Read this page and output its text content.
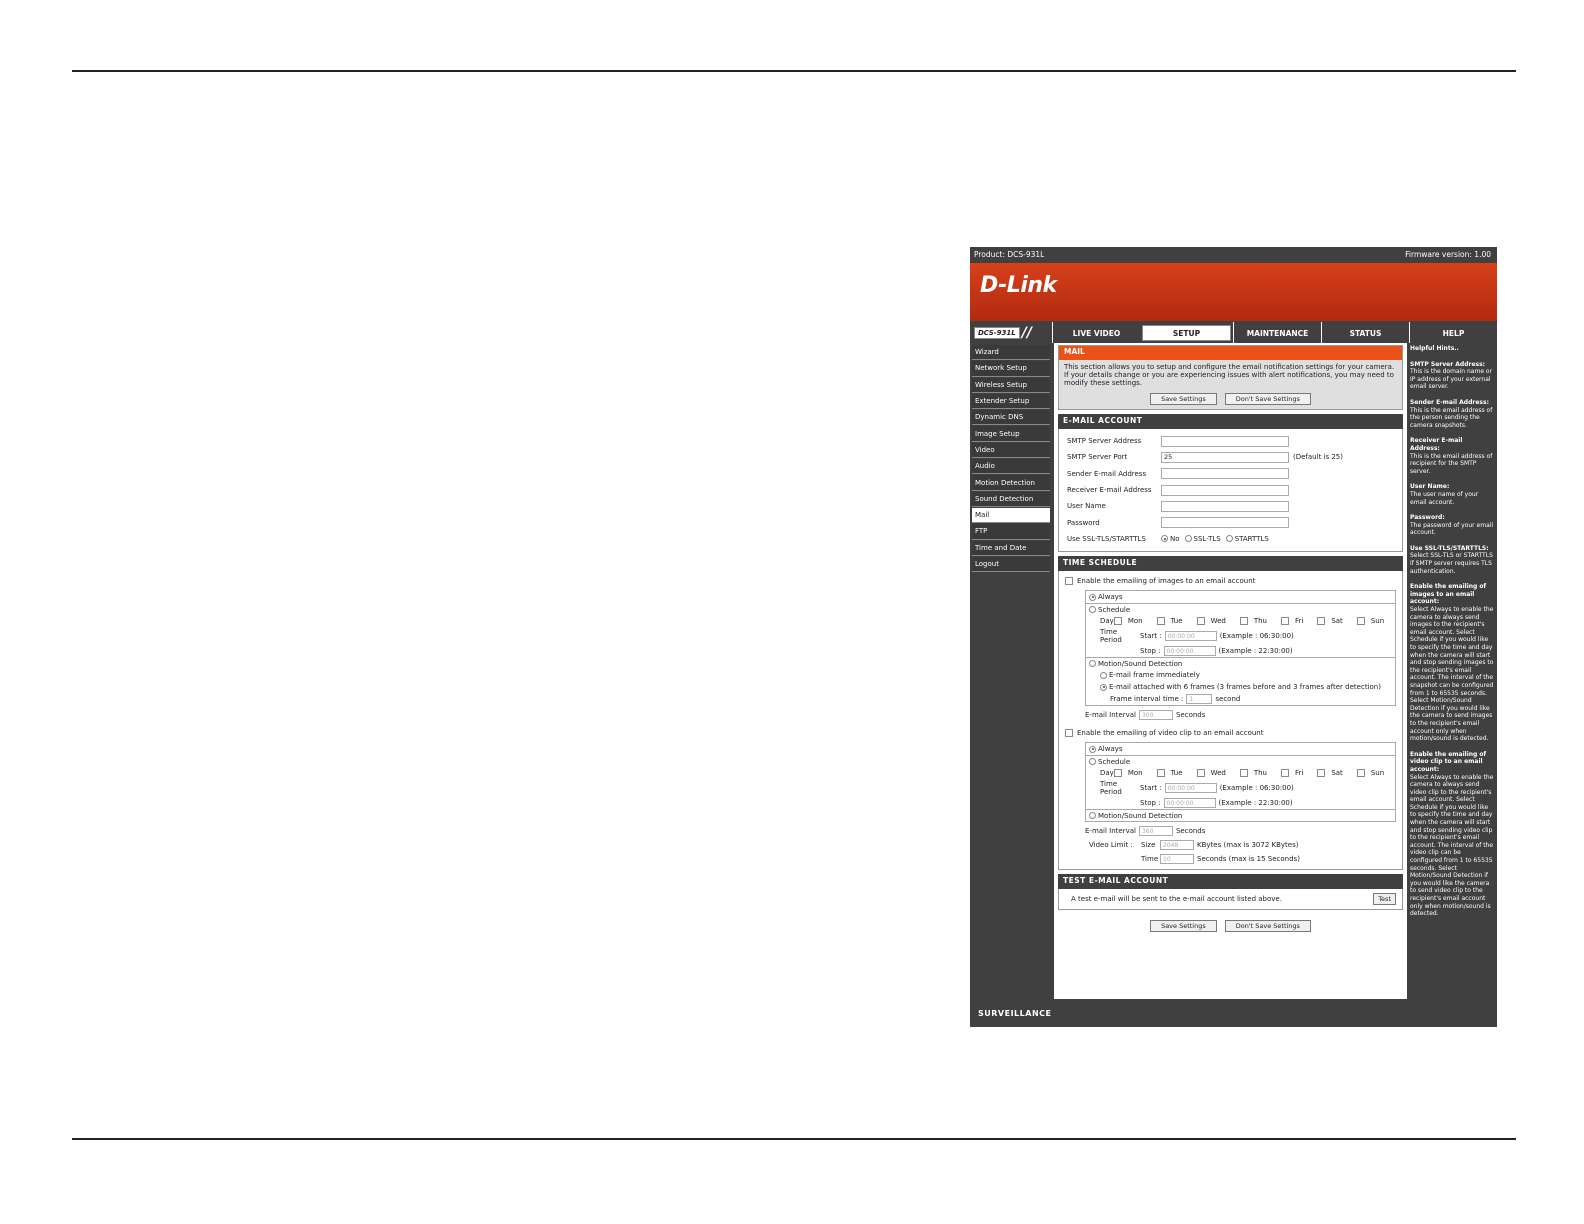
Product: DCS-931L	Firmware version: 1.00
D-Link
DCS-931L //	LIVE VIDEO	SETUP	MAINTENANCE	STATUS	HELP
Wizard
Network Setup
Wireless Setup
Extender Setup
Dynamic DNS
Image Setup
Video
Audio
Motion Detection
Sound Detection
Mail
FTP
Time and Date
Logout
MAIL
This section allows you to setup and configure the email notification settings for your camera. If your details change or you are experiencing issues with alert notifications, you may need to modify these settings.
Save Settings	Don't Save Settings
E-MAIL ACCOUNT
SMTP Server Address
SMTP Server Port	25	(Default is 25)
Sender E-mail Address
Receiver E-mail Address
User Name
Password
Use SSL-TLS/STARTTLS	No SSL-TLS STARTTLS
TIME SCHEDULE
Enable the emailing of images to an email account
Always
Schedule
Day Mon	Tue	Wed	Thu	Fri	Sat	Sun
Time Period	Start :	00:00:00	(Example : 06:30:00)
Stop :	00:00:00	(Example : 22:30:00)
Motion/Sound Detection
E-mail frame immediately
E-mail attached with 6 frames (3 frames before and 3 frames after detection)
Frame interval time :	1	second
E-mail Interval	300	Seconds
Enable the emailing of video clip to an email account
Always
Schedule
Day Mon	Tue	Wed	Thu	Fri	Sat	Sun
Time Period	Start :	00:00:00	(Example : 06:30:00)
Stop :	00:00:00	(Example : 22:30:00)
Motion/Sound Detection
E-mail Interval	360	Seconds
Video Limit :	Size	2048	KBytes (max is 3072 KBytes)
Time 10	Seconds (max is 15 Seconds)
TEST E-MAIL ACCOUNT
A test e-mail will be sent to the e-mail account listed above.	Test
Save Settings	Don't Save Settings
Helpful Hints..
SMTP Server Address:
This is the domain name or IP address of your external email server.
Sender E-mail Address:
This is the email address of the person sending the camera snapshots.
Receiver E-mail Address:
This is the email address of recipient for the SMTP server.
User Name:
The user name of your email account.
Password:
The password of your email account.
Use SSL-TLS/STARTTLS:
Select SSL-TLS or STARTTLS if SMTP server requires TLS authentication.
Enable the emailing of images to an email account:
Select Always to enable the camera to always send images to the recipient's email account. Select Schedule if you would like to specify the time and day when the camera will start and stop sending images to the recipient's email account. The interval of the snapshot can be configured from 1 to 65535 seconds. Select Motion/Sound Detection if you would like the camera to send images to the recipient's email account only when motion/sound is detected.
Enable the emailing of video clip to an email account:
Select Always to enable the camera to always send video clip to the recipient's email account. Select Schedule if you would like to specify the time and day when the camera will start and stop sending video clip to the recipient's email account. The interval of the video clip can be configured from 1 to 65535 seconds. Select Motion/Sound Detection if you would like the camera to send video clip to the recipient's email account only when motion/sound is detected.
SURVEILLANCE
